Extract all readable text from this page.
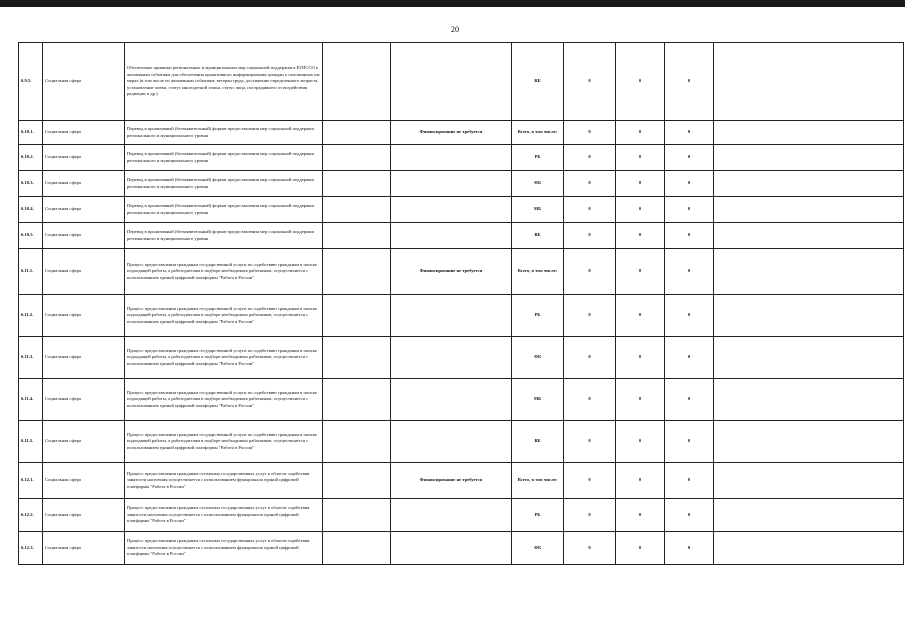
20
6.9.5.	Социальная сфера	Обеспечение привязки региональных и муниципальных мер социальной поддержки в ЕГИССО к жизненным событиям для обеспечения проактивного информирования граждан о положенных им мерах (в том числе по жизненным событиям: ветеран труда, достижение определенного возраста, установление опеки, статус многодетной семьи, статус лица, пострадавшего от воздействия радиации и др.).			RБ	0	0	0	
6.10.1.	Социальная сфера	Перевод в проактивный (беззаявительный) формат предоставления мер социальной поддержки регионального и муниципального уровня		Финансирование не требуется	Всего, в том числе:	0	0	0	
6.10.2.	Социальная сфера	Перевод в проактивный (беззаявительный) формат предоставления мер социальной поддержки регионального и муниципального уровня			РБ	0	0	0	
6.10.3.	Социальная сфера	Перевод в проактивный (беззаявительный) формат предоставления мер социальной поддержки регионального и муниципального уровня			ФБ	0	0	0	
6.10.4.	Социальная сфера	Перевод в проактивный (беззаявительный) формат предоставления мер социальной поддержки регионального и муниципального уровня			МБ	0	0	0	
6.10.5.	Социальная сфера	Перевод в проактивный (беззаявительный) формат предоставления мер социальной поддержки регионального и муниципального уровня			ВБ	0	0	0	
6.11.1.	Социальная сфера	Процесс предоставления гражданам государственной услуги по содействию гражданам в поиске подходящей работы, а работодателям в подборе необходимых работников, осуществляется с использованием единой цифровой платформы "Работа в России"		Финансирование не требуется	Всего, в том числе:	0	0	0	
6.11.2.	Социальная сфера	Процесс предоставления гражданам государственной услуги по содействию гражданам в поиске подходящей работы, а работодателям в подборе необходимых работников, осуществляется с использованием единой цифровой платформы "Работа в России"			РБ	0	0	0	
6.11.3.	Социальная сфера	Процесс предоставления гражданам государственной услуги по содействию гражданам в поиске подходящей работы, а работодателям в подборе необходимых работников, осуществляется с использованием единой цифровой платформы "Работа в России"			ФБ	0	0	0	
6.11.4.	Социальная сфера	Процесс предоставления гражданам государственной услуги по содействию гражданам в поиске подходящей работы, а работодателям в подборе необходимых работников, осуществляется с использованием единой цифровой платформы "Работа в России"			МБ	0	0	0	
6.11.5.	Социальная сфера	Процесс предоставления гражданам государственной услуги по содействию гражданам в поиске подходящей работы, а работодателям в подборе необходимых работников, осуществляется с использованием единой цифровой платформы "Работа в России"			ВБ	0	0	0	
6.12.1.	Социальная сфера	Процесс предоставления гражданам остальных государственных услуг в области содействия занятости населения осуществляется с использованием функционала единой цифровой платформы "Работа в России"		Финансирование не требуется	Всего, в том числе:	0	0	0	
6.12.2.	Социальная сфера	Процесс предоставления гражданам остальных государственных услуг в области содействия занятости населения осуществляется с использованием функционала единой цифровой платформы "Работа в России"			РБ	0	0	0	
6.12.3.	Социальная сфера	Процесс предоставления гражданам остальных государственных услуг в области содействия занятости населения осуществляется с использованием функционала единой цифровой платформы "Работа в России"			ФБ	0	0	0	
